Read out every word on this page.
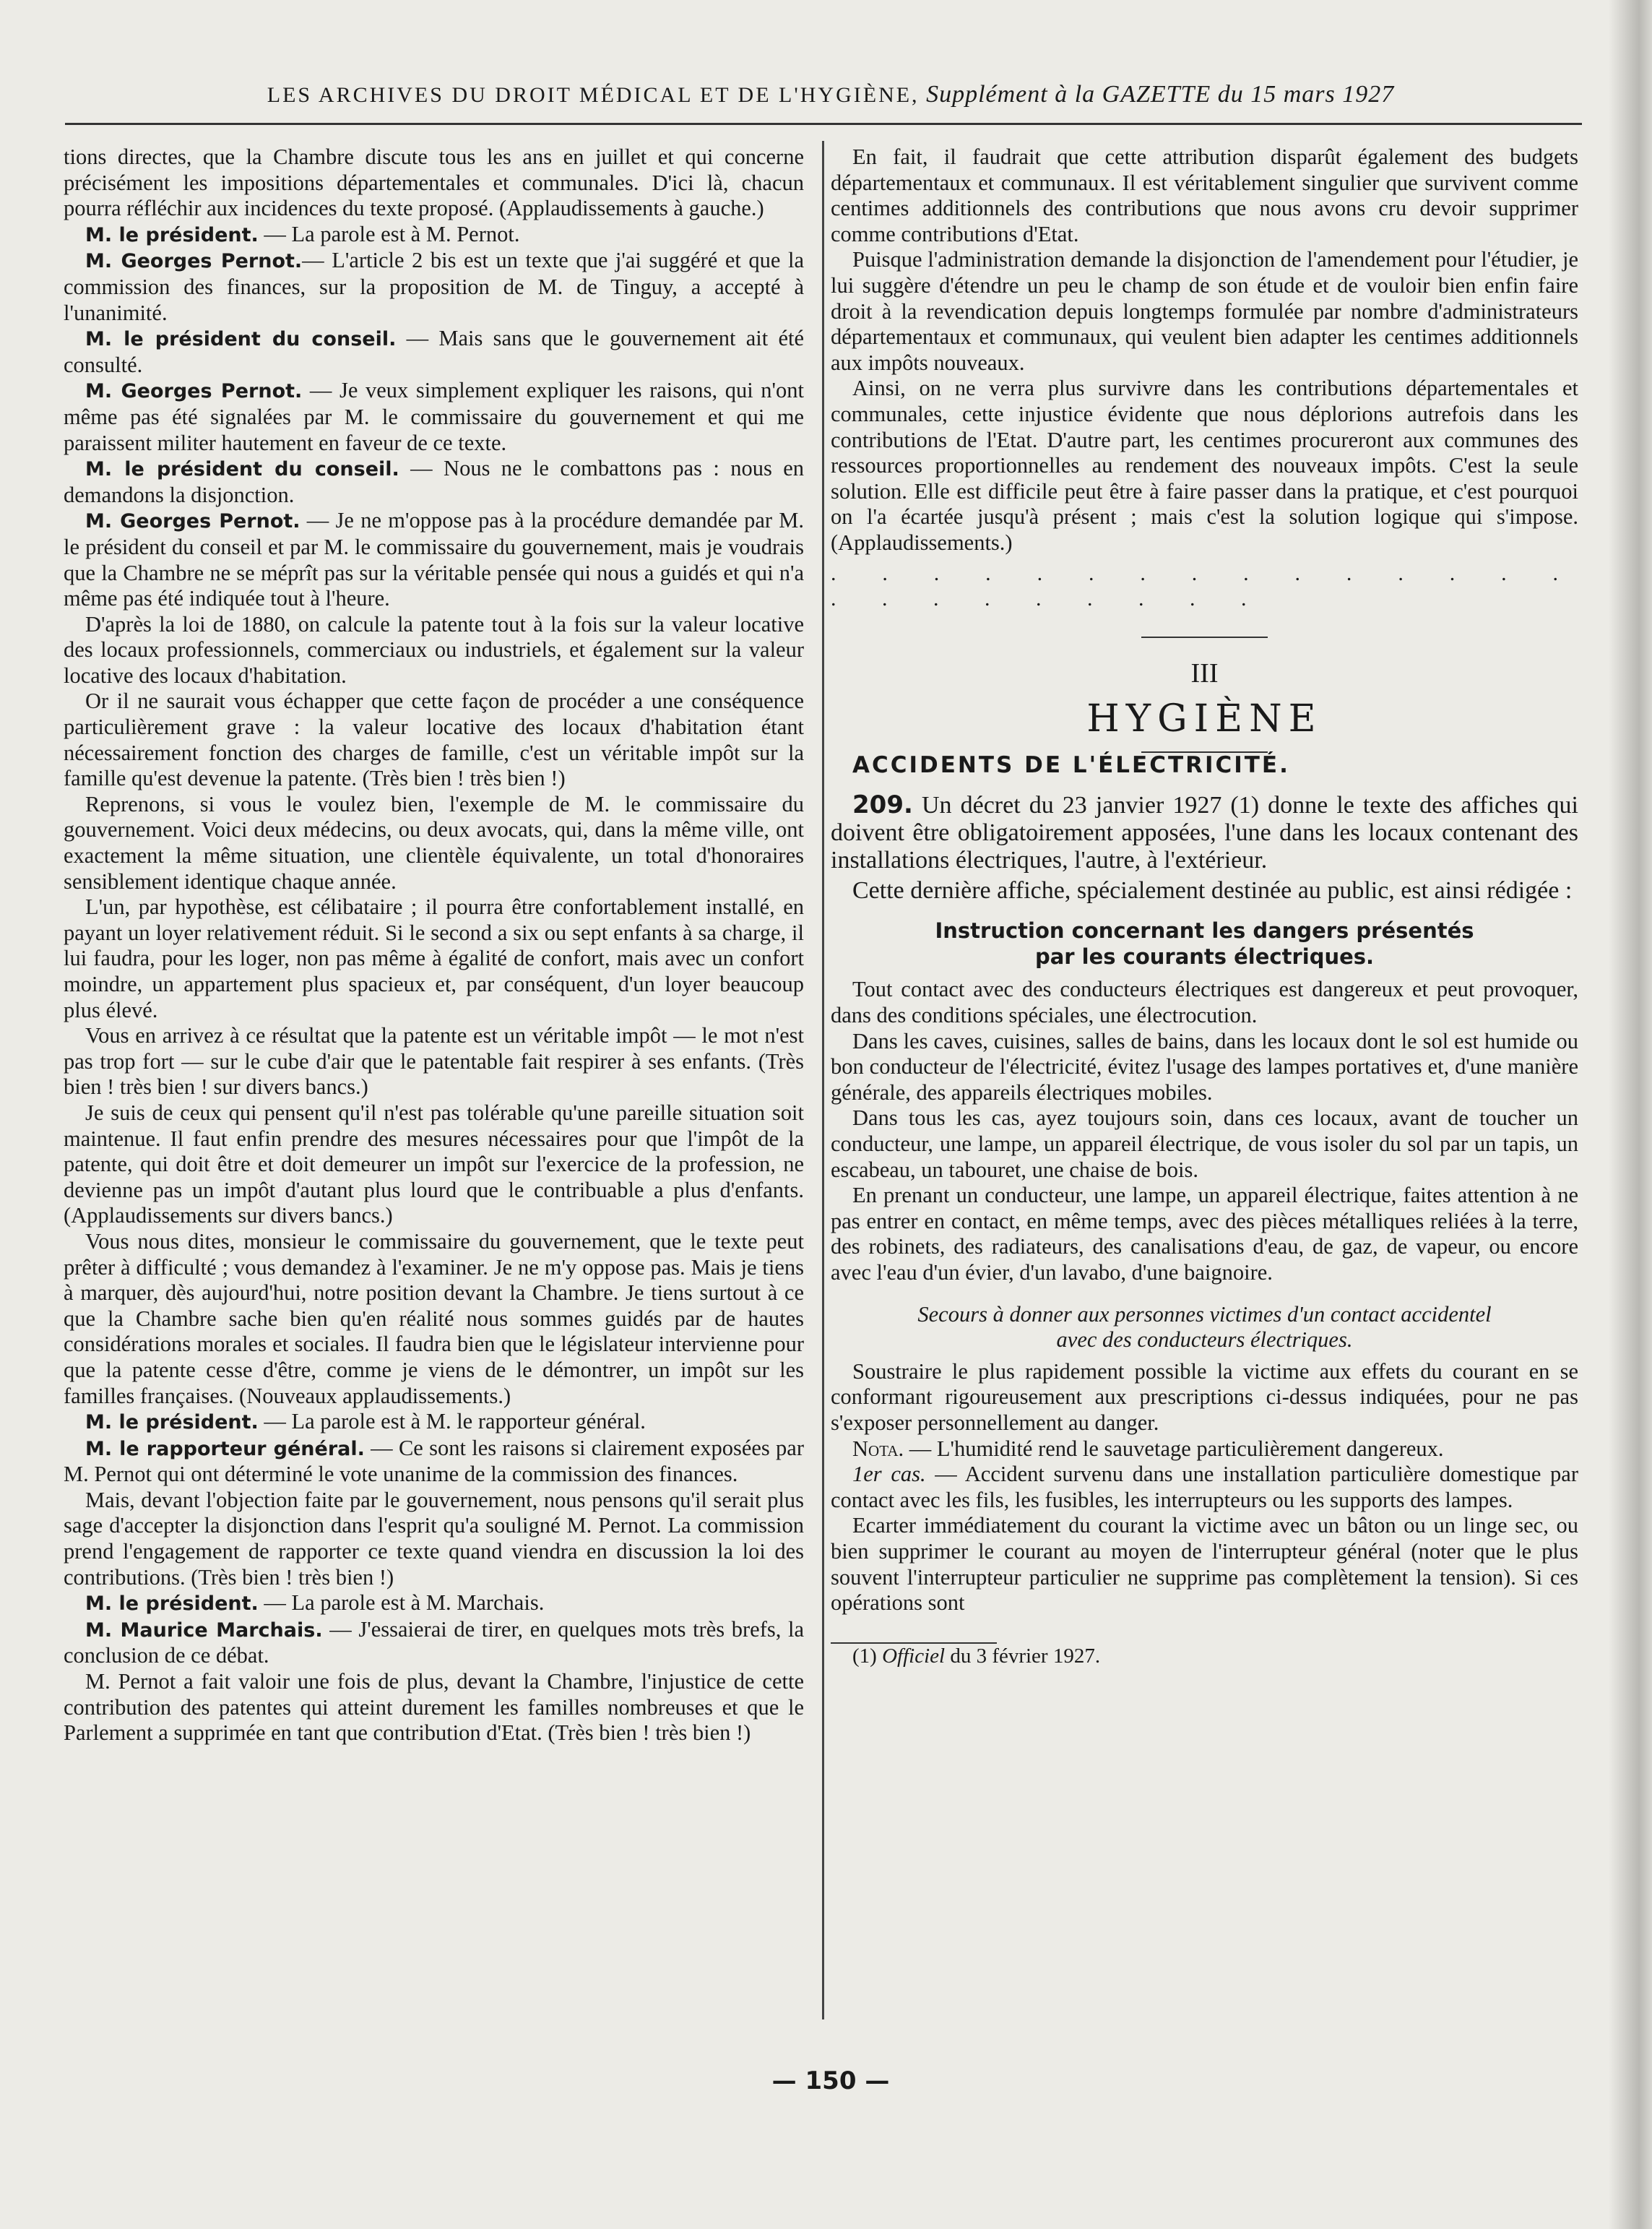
LES ARCHIVES DU DROIT MÉDICAL ET DE L'HYGIÈNE, Supplément à la GAZETTE du 15 mars 1927

tions directes, que la Chambre discute tous les ans en juillet et qui concerne précisément les impositions départementales et communales. D'ici là, chacun pourra réfléchir aux incidences du texte proposé. (Applaudissements à gauche.)

M. le président. — La parole est à M. Pernot.

M. Georges Pernot.— L'article 2 bis est un texte que j'ai suggéré et que la commission des finances, sur la proposition de M. de Tinguy, a accepté à l'unanimité.

M. le président du conseil. — Mais sans que le gouvernement ait été consulté.

M. Georges Pernot. — Je veux simplement expliquer les raisons, qui n'ont même pas été signalées par M. le commissaire du gouvernement et qui me paraissent militer hautement en faveur de ce texte.

M. le président du conseil. — Nous ne le combattons pas : nous en demandons la disjonction.

M. Georges Pernot. — Je ne m'oppose pas à la procédure demandée par M. le président du conseil et par M. le commissaire du gouvernement, mais je voudrais que la Chambre ne se méprît pas sur la véritable pensée qui nous a guidés et qui n'a même pas été indiquée tout à l'heure.

D'après la loi de 1880, on calcule la patente tout à la fois sur la valeur locative des locaux professionnels, commerciaux ou industriels, et également sur la valeur locative des locaux d'habitation.

Or il ne saurait vous échapper que cette façon de procéder a une conséquence particulièrement grave : la valeur locative des locaux d'habitation étant nécessairement fonction des charges de famille, c'est un véritable impôt sur la famille qu'est devenue la patente. (Très bien ! très bien !)

Reprenons, si vous le voulez bien, l'exemple de M. le commissaire du gouvernement. Voici deux médecins, ou deux avocats, qui, dans la même ville, ont exactement la même situation, une clientèle équivalente, un total d'honoraires sensiblement identique chaque année.

L'un, par hypothèse, est célibataire ; il pourra être confortablement installé, en payant un loyer relativement réduit. Si le second a six ou sept enfants à sa charge, il lui faudra, pour les loger, non pas même à égalité de confort, mais avec un confort moindre, un appartement plus spacieux et, par conséquent, d'un loyer beaucoup plus élevé.

Vous en arrivez à ce résultat que la patente est un véritable impôt — le mot n'est pas trop fort — sur le cube d'air que le patentable fait respirer à ses enfants. (Très bien ! très bien ! sur divers bancs.)

Je suis de ceux qui pensent qu'il n'est pas tolérable qu'une pareille situation soit maintenue. Il faut enfin prendre des mesures nécessaires pour que l'impôt de la patente, qui doit être et doit demeurer un impôt sur l'exercice de la profession, ne devienne pas un impôt d'autant plus lourd que le contribuable a plus d'enfants. (Applaudissements sur divers bancs.)

Vous nous dites, monsieur le commissaire du gouvernement, que le texte peut prêter à difficulté ; vous demandez à l'examiner. Je ne m'y oppose pas. Mais je tiens à marquer, dès aujourd'hui, notre position devant la Chambre. Je tiens surtout à ce que la Chambre sache bien qu'en réalité nous sommes guidés par de hautes considérations morales et sociales. Il faudra bien que le législateur intervienne pour que la patente cesse d'être, comme je viens de le démontrer, un impôt sur les familles françaises. (Nouveaux applaudissements.)

M. le président. — La parole est à M. le rapporteur général.

M. le rapporteur général. — Ce sont les raisons si clairement exposées par M. Pernot qui ont déterminé le vote unanime de la commission des finances.

Mais, devant l'objection faite par le gouvernement, nous pensons qu'il serait plus sage d'accepter la disjonction dans l'esprit qu'a souligné M. Pernot. La commission prend l'engagement de rapporter ce texte quand viendra en discussion la loi des contributions. (Très bien ! très bien !)

M. le président. — La parole est à M. Marchais.

M. Maurice Marchais. — J'essaierai de tirer, en quelques mots très brefs, la conclusion de ce débat.

M. Pernot a fait valoir une fois de plus, devant la Chambre, l'injustice de cette contribution des patentes qui atteint durement les familles nombreuses et que le Parlement a supprimée en tant que contribution d'Etat. (Très bien ! très bien !)

En fait, il faudrait que cette attribution disparût également des budgets départementaux et communaux. Il est véritablement singulier que survivent comme centimes additionnels des contributions que nous avons cru devoir supprimer comme contributions d'Etat.

Puisque l'administration demande la disjonction de l'amendement pour l'étudier, je lui suggère d'étendre un peu le champ de son étude et de vouloir bien enfin faire droit à la revendication depuis longtemps formulée par nombre d'administrateurs départementaux et communaux, qui veulent bien adapter les centimes additionnels aux impôts nouveaux.

Ainsi, on ne verra plus survivre dans les contributions départementales et communales, cette injustice évidente que nous déplorions autrefois dans les contributions de l'Etat. D'autre part, les centimes procureront aux communes des ressources proportionnelles au rendement des nouveaux impôts. C'est la seule solution. Elle est difficile peut être à faire passer dans la pratique, et c'est pourquoi on l'a écartée jusqu'à présent ; mais c'est la solution logique qui s'impose. (Applaudissements.)

. . . . . . . . . . . . . . . . . . . . . . . .
III
HYGIÈNE

ACCIDENTS DE L'ÉLECTRICITÉ.

209. Un décret du 23 janvier 1927 (1) donne le texte des affiches qui doivent être obligatoirement apposées, l'une dans les locaux contenant des installations électriques, l'autre, à l'extérieur.

Cette dernière affiche, spécialement destinée au public, est ainsi rédigée :

Instruction concernant les dangers présentés
par les courants électriques.

Tout contact avec des conducteurs électriques est dangereux et peut provoquer, dans des conditions spéciales, une électrocution.

Dans les caves, cuisines, salles de bains, dans les locaux dont le sol est humide ou bon conducteur de l'électricité, évitez l'usage des lampes portatives et, d'une manière générale, des appareils électriques mobiles.

Dans tous les cas, ayez toujours soin, dans ces locaux, avant de toucher un conducteur, une lampe, un appareil électrique, de vous isoler du sol par un tapis, un escabeau, un tabouret, une chaise de bois.

En prenant un conducteur, une lampe, un appareil électrique, faites attention à ne pas entrer en contact, en même temps, avec des pièces métalliques reliées à la terre, des robinets, des radiateurs, des canalisations d'eau, de gaz, de vapeur, ou encore avec l'eau d'un évier, d'un lavabo, d'une baignoire.

Secours à donner aux personnes victimes d'un contact accidentel
avec des conducteurs électriques.

Soustraire le plus rapidement possible la victime aux effets du courant en se conformant rigoureusement aux prescriptions ci-dessus indiquées, pour ne pas s'exposer personnellement au danger.

Nota. — L'humidité rend le sauvetage particulièrement dangereux.

1er cas. — Accident survenu dans une installation particulière domestique par contact avec les fils, les fusibles, les interrupteurs ou les supports des lampes.

Ecarter immédiatement du courant la victime avec un bâton ou un linge sec, ou bien supprimer le courant au moyen de l'interrupteur général (noter que le plus souvent l'interrupteur particulier ne supprime pas complètement la tension). Si ces opérations sont

(1) Officiel du 3 février 1927.

— 150 —
